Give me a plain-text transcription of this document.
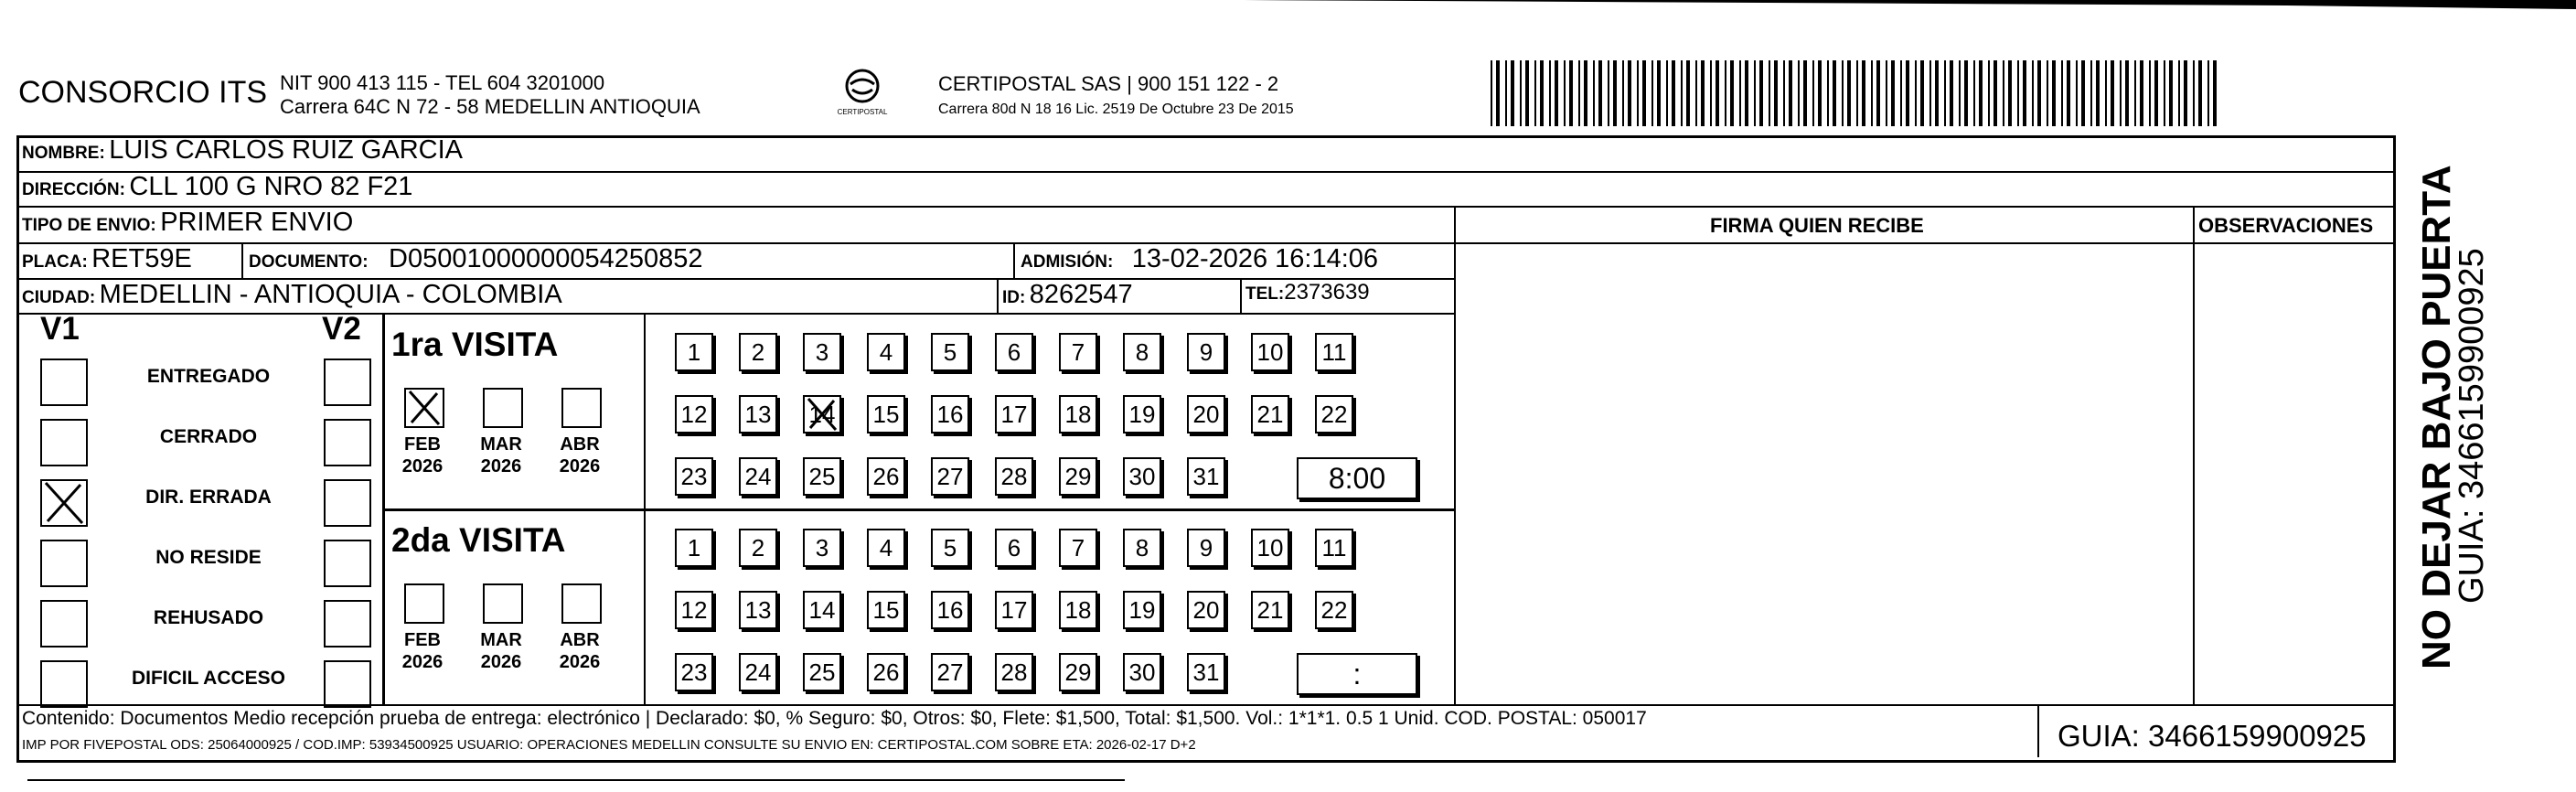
CONSORCIO ITS NIT 900 413 115 - TEL 604 3201000
Carrera 64C N 72 - 58 MEDELLIN ANTIOQUIA	CERTIPOSTAL
CERTIPOSTAL SAS | 900 151 122 - 2
Carrera 80d N 18 16 Lic. 2519 De Octubre 23 De 2015
NOMBRE: LUIS CARLOS RUIZ GARCIA
DIRECCIÓN: CLL 100 G NRO 82 F21
TIPO DE ENVIO: PRIMER ENVIO	FIRMA QUIEN RECIBE	OBSERVACIONES
PLACA: RET59E	DOCUMENTO: D05001000000054250852	ADMISIÓN: 13-02-2026 16:14:06
CIUDAD: MEDELLIN - ANTIOQUIA - COLOMBIA	ID: 8262547	TEL:2373639
V1	V2
ENTREGADO
CERRADO
DIR. ERRADA
NO RESIDE
REHUSADO
DIFICIL ACCESO
1ra VISITA
FEB
2026
MAR
2026
ABR
2026
1	2	3	4	5	6	7	8	9	10 11
12 13 14 15 16 17 18 19 20 21 22
23 24 25 26 27 28 29 30 31	8:00
2da VISITA
FEB
2026
MAR
2026
ABR
2026
1	2	3	4	5	6	7	8	9	10 11
12 13 14 15 16 17 18 19 20 21 22
23 24 25 26 27 28 29 30 31	:
Contenido: Documentos Medio recepción prueba de entrega: electrónico | Declarado: $0, % Seguro: $0, Otros: $0, Flete: $1,500, Total: $1,500. Vol.: 1*1*1. 0.5 1 Unid. COD. POSTAL: 050017
IMP POR FIVEPOSTAL ODS: 25064000925 / COD.IMP: 53934500925 USUARIO: OPERACIONES MEDELLIN CONSULTE SU ENVIO EN: CERTIPOSTAL.COM SOBRE ETA: 2026-02-17 D+2	GUIA: 3466159900925
NO DEJAR BAJO PUERTA
GUIA: 3466159900925
